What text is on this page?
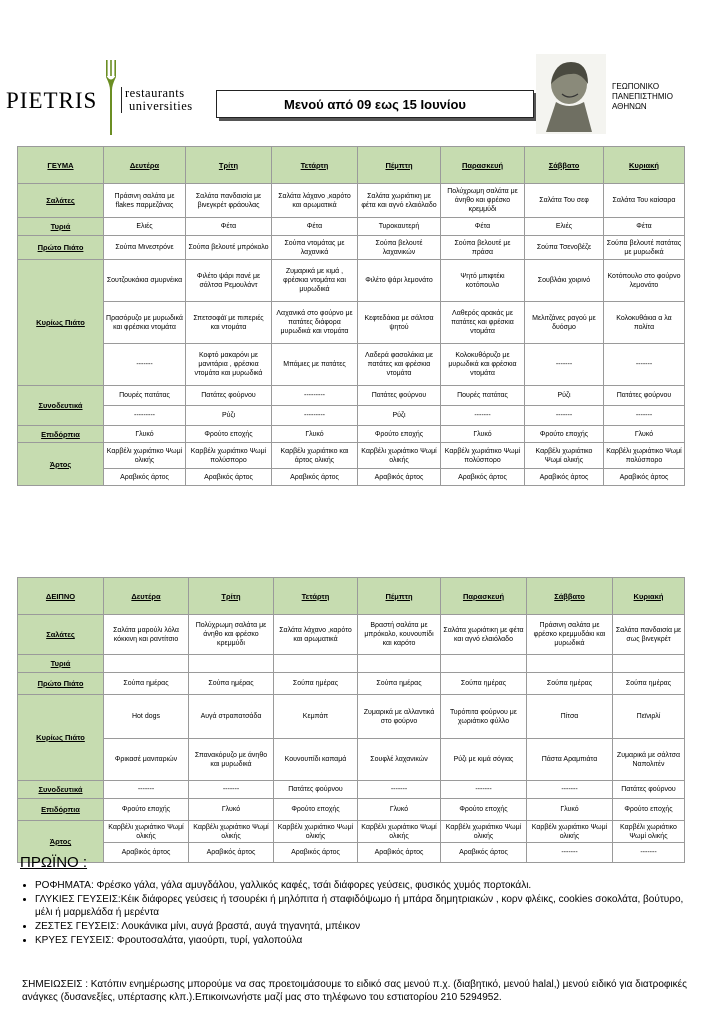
PIETRIS restaurants
universities	Μενού από 09 εως 15 Ιουνίου
ΓΕΩΠΟΝΙΚΟ
ΠΑΝΕΠΙΣΤΗΜΙΟ
ΑΘΗΝΩΝ
ΓΕΥΜΑ	Δευτέρα	Τρίτη	Τετάρτη	Πέμπτη	Παρασκευή	Σάββατο	Κυριακή
Σαλάτες	Πράσινη σαλάτα με flakes παρμεζάνας	Σαλάτα πανδαισία με βινεγκρέτ φράουλας	Σαλάτα λάχανο ,καρότο και αρωματικά	Σαλάτα χωριάτικη με φέτα και αγνό ελαιόλαδο	Πολύχρωμη σαλάτα με άνηθο και φρέσκο κρεμμύδι	Σαλάτα Του σεφ	Σαλάτα Του καίσαρα
Τυριά	Ελιές	Φέτα	Φέτα	Τυροκαυτερή	Φέτα	Ελιές	Φέτα
Πρώτο Πιάτο	Σούπα Μινεστρόνε	Σούπα βελουτέ μπρόκολο	Σούπα ντομάτας με λαχανικά	Σούπα βελουτέ λαχανικών	Σούπα βελουτέ με πράσα	Σούπα Τσενοβέζε	Σούπα βελουτέ πατάτας με μυρωδικά
Κυρίως Πιάτο	Σουτζουκάκια σμυρνέικα	Φιλέτο ψάρι πανέ με σάλτσα Ρεμουλάντ	Ζυμαρικά με κιμά , φρέσκια ντομάτα και μυρωδικά	Φιλέτο ψάρι λεμονάτο	Ψητό μπιφτέκι κοτόπουλο	Σουβλάκι χοιρινό	Κοτόπουλο στο φούρνο λεμονάτο
	Πρασόρυζο με μυρωδικά και φρέσκια ντομάτα	Σπετσοφάϊ με πιπεριές και ντομάτα	Λαχανικά στο φούρνο με πατάτες διάφορα μυρωδικά και ντομάτα	Κεφτεδάκια με σάλτσα ψητού	Λαθερός αρακάς με πατάτες και φρέσκια ντομάτα	Μελιτζάνες ραγού με δυόσμο	Κολοκυθάκια α λα πολίτα
	-------	Κοφτό μακαρόνι με μανιτάρια , φρέσκια ντομάτα και μυρωδικά	Μπάμιες με πατάτες	Λαδερά φασολάκια με πατάτες και φρέσκια ντομάτα	Κολοκυθόρυζο με μυρωδικά και φρέσκια ντομάτα	-------	-------
Συνοδευτικά	Πουρές πατάτας	Πατάτες φούρνου	---------	Πατάτες φούρνου	Πουρές πατάτας	Ρύζι	Πατάτες φούρνου
	---------	Ρύζι	---------	Ρύζι	-------	-------	-------
Επιδόρπια	Γλυκό	Φρούτο εποχής	Γλυκό	Φρούτο εποχής	Γλυκό	Φρούτο εποχής	Γλυκό
Άρτος	Καρβέλι χωριάτικο Ψωμί ολικής	Καρβέλι χωριάτικο Ψωμί πολύσπορο	Καρβέλι χωριάτικο και άρτος ολικής	Καρβέλι χωριάτικο Ψωμί ολικής	Καρβέλι χωριάτικο Ψωμί πολύσπορο	Καρβέλι χωριάτικο Ψωμί ολικής	Καρβέλι χωριάτικο Ψωμί πολύσπορο
	Αραβικός άρτος	Αραβικός άρτος	Αραβικός άρτος	Αραβικός άρτος	Αραβικός άρτος	Αραβικός άρτος	Αραβικός άρτος
ΔΕΙΠΝΟ	Δευτέρα	Τρίτη	Τετάρτη	Πέμπτη	Παρασκευή	Σάββατο	Κυριακή
Σαλάτες	Σαλάτα μαρούλι λόλα κόκκινη και ραντίτσιο	Πολύχρωμη σαλάτα με άνηθο και φρέσκο κρεμμύδι	Σαλάτα λάχανο ,καρότο και αρωματικά	Βραστή σαλάτα με μπρόκολο, κουνουπίδι και καρότο	Σαλάτα χωριάτικη με φέτα και αγνό ελαιόλαδο	Πράσινη σαλάτα με φρέσκο κρεμμυδάκι και μυρωδικά	Σαλάτα πανδαισία με σως βινεγκρέτ
Τυριά							
Πρώτο Πιάτο	Σούπα ημέρας	Σούπα ημέρας	Σούπα ημέρας	Σούπα ημέρας	Σούπα ημέρας	Σούπα ημέρας	Σούπα ημέρας
Κυρίως Πιάτο	Hot dogs	Αυγά στραπατσάδα	Κεμπάπ	Ζυμαρικά με αλλαντικά στο φούρνο	Τυρόπιτα φούρνου με χωριάτικο φύλλο	Πίτσα	Πεϊνιρλί
	Φρικασέ μανιταριών	Σπανακόρυζο με άνηθο και μυρωδικά	Κουνουπίδι καπαμά	Σουφλέ λαχανικών	Ρύζι με κιμά σόγιας	Πάστα Αραμπιάτα	Ζυμαρικά με σάλτσα Ναπολιτέν
Συνοδευτικά	-------	-------	Πατάτες φούρνου	-------	-------	-------	Πατάτες φούρνου
Επιδόρπια	Φρούτο εποχής	Γλυκό	Φρούτο εποχής	Γλυκό	Φρούτο εποχής	Γλυκό	Φρούτο εποχής
Άρτος	Καρβέλι χωριάτικο Ψωμί ολικής	Καρβέλι χωριάτικο Ψωμί ολικής	Καρβέλι χωριάτικο Ψωμί ολικής	Καρβέλι χωριάτικο Ψωμί ολικής	Καρβέλι χωριάτικο Ψωμί ολικής	Καρβέλι χωριάτικο Ψωμί ολικής	Καρβέλι χωριάτικο Ψωμί ολικής
	Αραβικός άρτος	Αραβικός άρτος	Αραβικός άρτος	Αραβικός άρτος	Αραβικός άρτος	-------	-------
ΠΡΩΪΝΟ :
• ΡΟΦΗΜΑΤΑ: Φρέσκο γάλα, γάλα αμυγδάλου, γαλλικός καφές, τσάι διάφορες γεύσεις, φυσικός χυμός πορτοκάλι.
• ΓΛΥΚΙΕΣ ΓΕΥΣΕΙΣ:Κέικ διάφορες γεύσεις ή τσουρέκι ή μηλόπιτα ή σταφιδόψωμο ή μπάρα δημητριακών , κορν φλέικς, cookies σοκολάτα, βούτυρο, μέλι ή μαρμελάδα ή μερέντα
• ΖΕΣΤΕΣ ΓΕΥΣΕΙΣ: Λουκάνικα μίνι, αυγά βραστά, αυγά τηγανητά, μπέικον
• ΚΡΥΕΣ ΓΕΥΣΕΙΣ: Φρουτοσαλάτα, γιαούρτι, τυρί, γαλοπούλα
ΣΗΜΕΙΩΣΕΙΣ : Κατόπιν ενημέρωσης μπορούμε να σας προετοιμάσουμε το ειδικό σας μενού π.χ. (διαβητικό, μενού halal,) μενού ειδικό για διατροφικές ανάγκες (δυσανεξίες, υπέρτασης κλπ.).Επικοινωνήστε μαζί μας στο τηλέφωνο του εστιατορίου 210 5294952.
